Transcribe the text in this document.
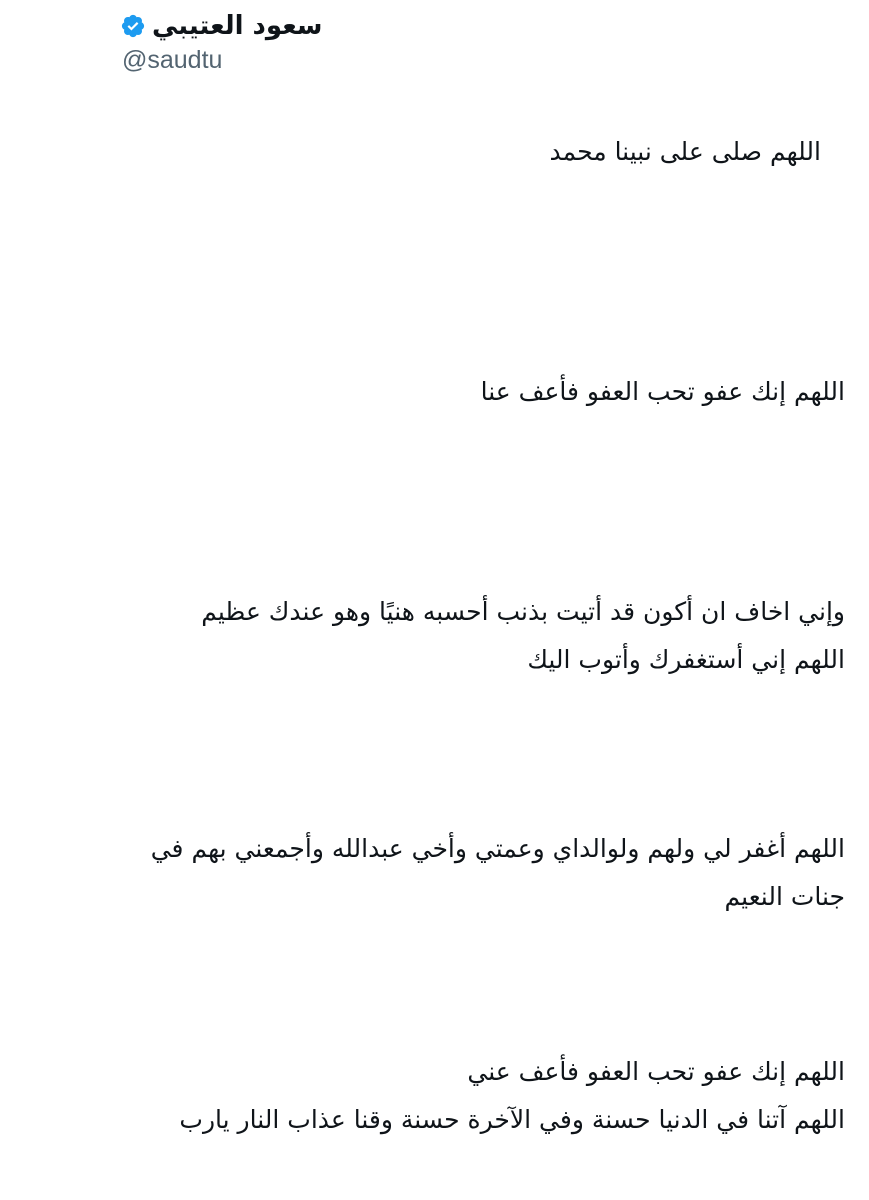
سعود العتيبي
@saudtu
اللهم صلى على نبينا محمد
اللهم إنك عفو تحب العفو فأعف عنا
وإني اخاف ان أكون قد أتيت بذنب أحسبه هنيًا وهو عندك عظيم
اللهم إني أستغفرك وأتوب اليك
اللهم أغفر لي ولهم ولوالداي وعمتي وأخي عبدالله وأجمعني بهم في
جنات النعيم
اللهم إنك عفو تحب العفو فأعف عني
اللهم آتنا في الدنيا حسنة وفي الآخرة حسنة وقنا عذاب النار يارب
